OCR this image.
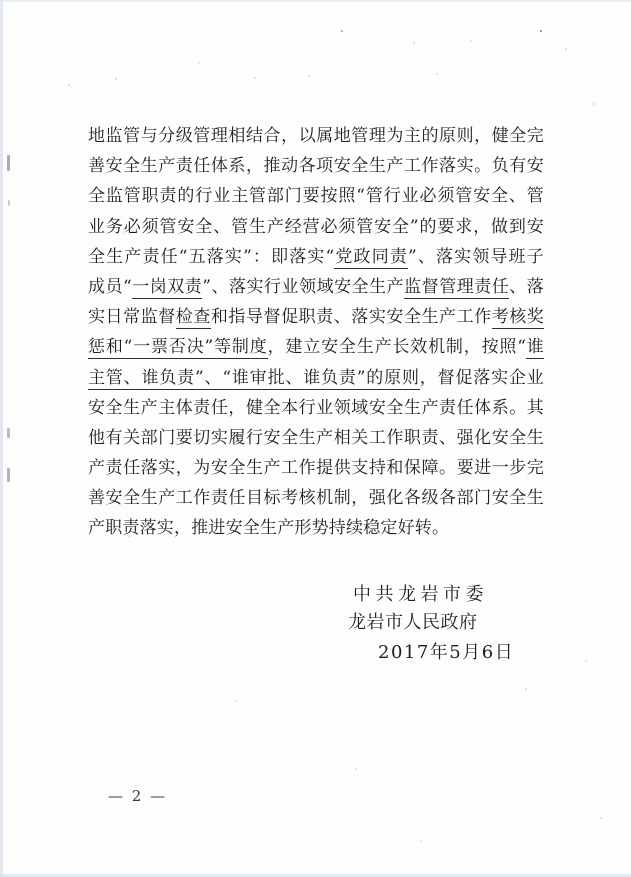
地监管与分级管理相结合，以属地管理为主的原则，健全完
善安全生产责任体系，推动各项安全生产工作落实。负有安
全监管职责的行业主管部门要按照“管行业必须管安全、管
业务必须管安全、管生产经营必须管安全”的要求，做到安
全生产责任“五落实”：即落实“党政同责”、落实领导班子
成员“一岗双责”、落实行业领域安全生产监督管理责任、落
实日常监督检查和指导督促职责、落实安全生产工作考核奖
惩和“一票否决”等制度，建立安全生产长效机制，按照“谁
主管、谁负责”、“谁审批、谁负责”的原则，督促落实企业
安全生产主体责任，健全本行业领域安全生产责任体系。其
他有关部门要切实履行安全生产相关工作职责、强化安全生
产责任落实，为安全生产工作提供支持和保障。要进一步完
善安全生产工作责任目标考核机制，强化各级各部门安全生
产职责落实，推进安全生产形势持续稳定好转。
中共龙岩市委
龙岩市人民政府
2017年5月6日
— 2 —
